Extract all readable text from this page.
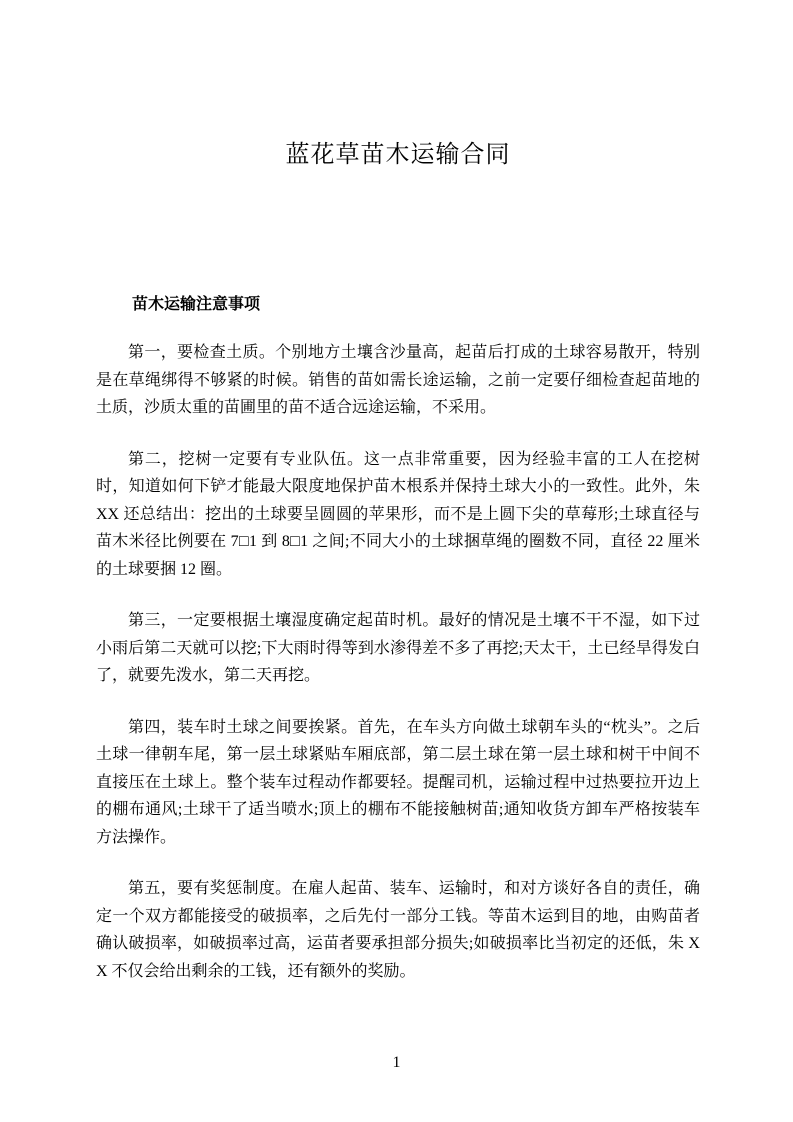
蓝花草苗木运输合同
苗木运输注意事项

第一，要检查土质。个别地方土壤含沙量高，起苗后打成的土球容易散开，特别是在草绳绑得不够紧的时候。销售的苗如需长途运输，之前一定要仔细检查起苗地的土质，沙质太重的苗圃里的苗不适合远途运输，不采用。

第二，挖树一定要有专业队伍。这一点非常重要，因为经验丰富的工人在挖树时，知道如何下铲才能最大限度地保护苗木根系并保持土球大小的一致性。此外，朱 XX 还总结出：挖出的土球要呈圆圆的苹果形，而不是上圆下尖的草莓形;土球直径与苗木米径比例要在 7□1 到 8□1 之间;不同大小的土球捆草绳的圈数不同，直径 22 厘米的土球要捆 12 圈。

第三，一定要根据土壤湿度确定起苗时机。最好的情况是土壤不干不湿，如下过小雨后第二天就可以挖;下大雨时得等到水渗得差不多了再挖;天太干，土已经旱得发白了，就要先泼水，第二天再挖。

第四，装车时土球之间要挨紧。首先，在车头方向做土球朝车头的“枕头”。之后土球一律朝车尾，第一层土球紧贴车厢底部，第二层土球在第一层土球和树干中间不直接压在土球上。整个装车过程动作都要轻。提醒司机，运输过程中过热要拉开边上的棚布通风;土球干了适当喷水;顶上的棚布不能接触树苗;通知收货方卸车严格按装车方法操作。

第五，要有奖惩制度。在雇人起苗、装车、运输时，和对方谈好各自的责任，确定一个双方都能接受的破损率，之后先付一部分工钱。等苗木运到目的地，由购苗者确认破损率，如破损率过高，运苗者要承担部分损失;如破损率比当初定的还低，朱 XX 不仅会给出剩余的工钱，还有额外的奖励。

1
